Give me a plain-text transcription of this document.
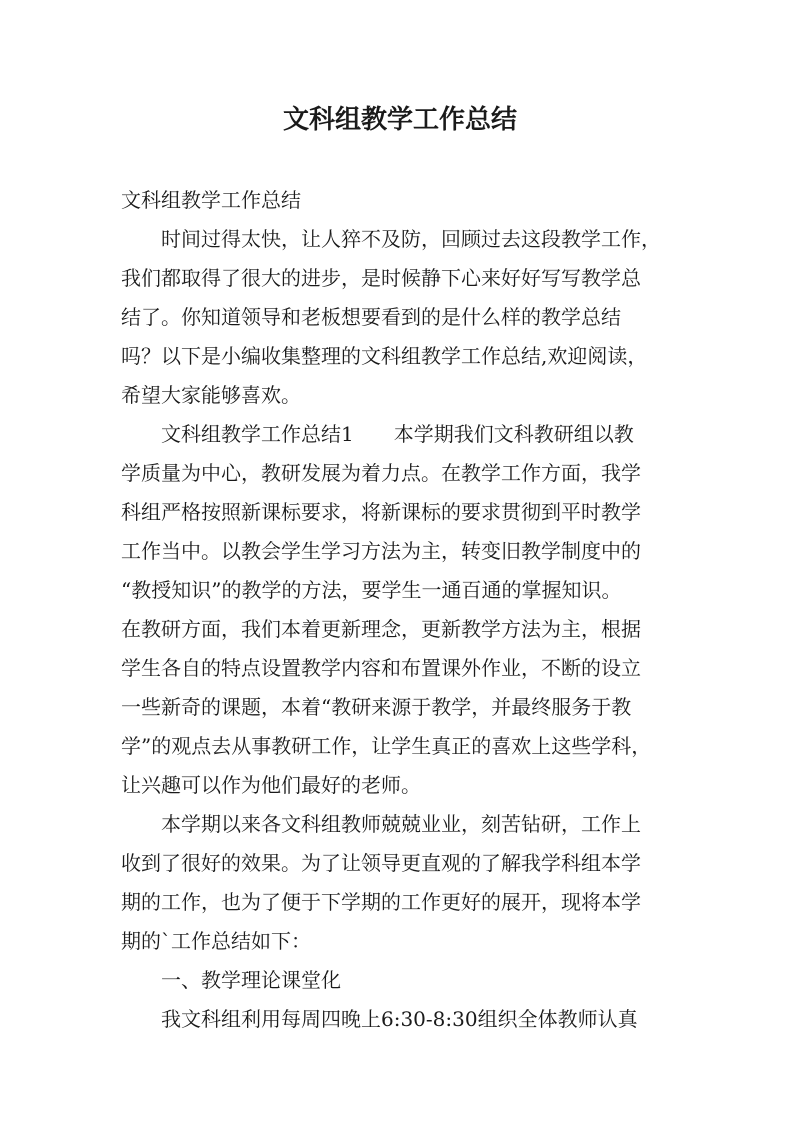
文科组教学工作总结

文科组教学工作总结

　　时间过得太快，让人猝不及防，回顾过去这段教学工作，

我们都取得了很大的进步，是时候静下心来好好写写教学总

结了。你知道领导和老板想要看到的是什么样的教学总结

吗？以下是小编收集整理的文科组教学工作总结,欢迎阅读，

希望大家能够喜欢。

　　文科组教学工作总结1　　本学期我们文科教研组以教

学质量为中心，教研发展为着力点。在教学工作方面，我学

科组严格按照新课标要求，将新课标的要求贯彻到平时教学

工作当中。以教会学生学习方法为主，转变旧教学制度中的

“教授知识”的教学的方法，要学生一通百通的掌握知识。

在教研方面，我们本着更新理念，更新教学方法为主，根据

学生各自的特点设置教学内容和布置课外作业，不断的设立

一些新奇的课题，本着“教研来源于教学，并最终服务于教

学”的观点去从事教研工作，让学生真正的喜欢上这些学科，

让兴趣可以作为他们最好的老师。

　　本学期以来各文科组教师兢兢业业，刻苦钻研，工作上

收到了很好的效果。为了让领导更直观的了解我学科组本学

期的工作，也为了便于下学期的工作更好的展开，现将本学

期的`工作总结如下：

　　一、教学理论课堂化

　　我文科组利用每周四晚上6:30-8:30组织全体教师认真
